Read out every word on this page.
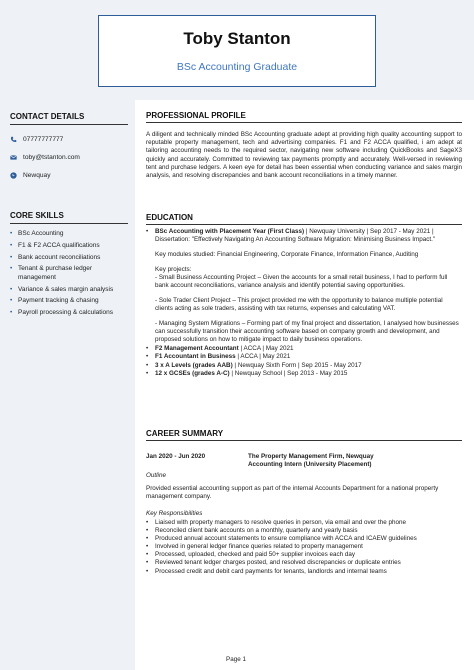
Toby Stanton
BSc Accounting Graduate
CONTACT DETAILS
07777777777
toby@tstanton.com
Newquay
CORE SKILLS
• BSc Accounting
• F1 & F2 ACCA qualifications
• Bank account reconciliations
• Tenant & purchase ledger management
• Variance & sales margin analysis
• Payment tracking & chasing
• Payroll processing & calculations
PROFESSIONAL PROFILE
A diligent and technically minded BSc Accounting graduate adept at providing high quality accounting support to reputable property management, tech and advertising companies. F1 and F2 ACCA qualified, i am adept at tailoring accounting needs to the required sector, navigating new software including QuickBooks and SageX3 quickly and accurately. Committed to reviewing tax payments promptly and accurately. Well-versed in reviewing tent and purchase ledgers. A keen eye for detail has been essential when conducting variance and sales margin analysis, and resolving discrepancies and bank account reconciliations in a timely manner.
EDUCATION
• BSc Accounting with Placement Year (First Class) | Newquay University | Sep 2017 - May 2021 |
Dissertation: "Effectively Navigating An Accounting Software Migration: Minimising Business Impact."
Key modules studied: Financial Engineering, Corporate Finance, Information Finance, Auditing
Key projects:
- Small Business Accounting Project – Given the accounts for a small retail business, I had to perform full bank account reconciliations, variance analysis and identify potential saving opportunities.
- Sole Trader Client Project – This project provided me with the opportunity to balance multiple potential clients acting as sole traders, assisting with tax returns, expenses and calculating VAT.
- Managing System Migrations – Forming part of my final project and dissertation, I analysed how businesses can successfully transition their accounting software based on company growth and development, and proposed solutions on how to mitigate impact to daily business operations.
• F2 Management Accountant | ACCA | May 2021
• F1 Accountant in Business | ACCA | May 2021
• 3 x A Levels (grades AAB) | Newquay Sixth Form | Sep 2015 - May 2017
• 12 x GCSEs (grades A-C) | Newquay School | Sep 2013 - May 2015
CAREER SUMMARY
Jan 2020 - Jun 2020	The Property Management Firm, Newquay
Accounting Intern (University Placement)
Outline
Provided essential accounting support as part of the internal Accounts Department for a national property management company.
Key Responsibilities
• Liaised with property managers to resolve queries in person, via email and over the phone
• Reconciled client bank accounts on a monthly, quarterly and yearly basis
• Produced annual account statements to ensure compliance with ACCA and ICAEW guidelines
• Involved in general ledger finance queries related to property management
• Processed, uploaded, checked and paid 50+ supplier invoices each day
• Reviewed tenant ledger charges posted, and resolved discrepancies or duplicate entries
• Processed credit and debit card payments for tenants, landlords and internal teams
Page 1
